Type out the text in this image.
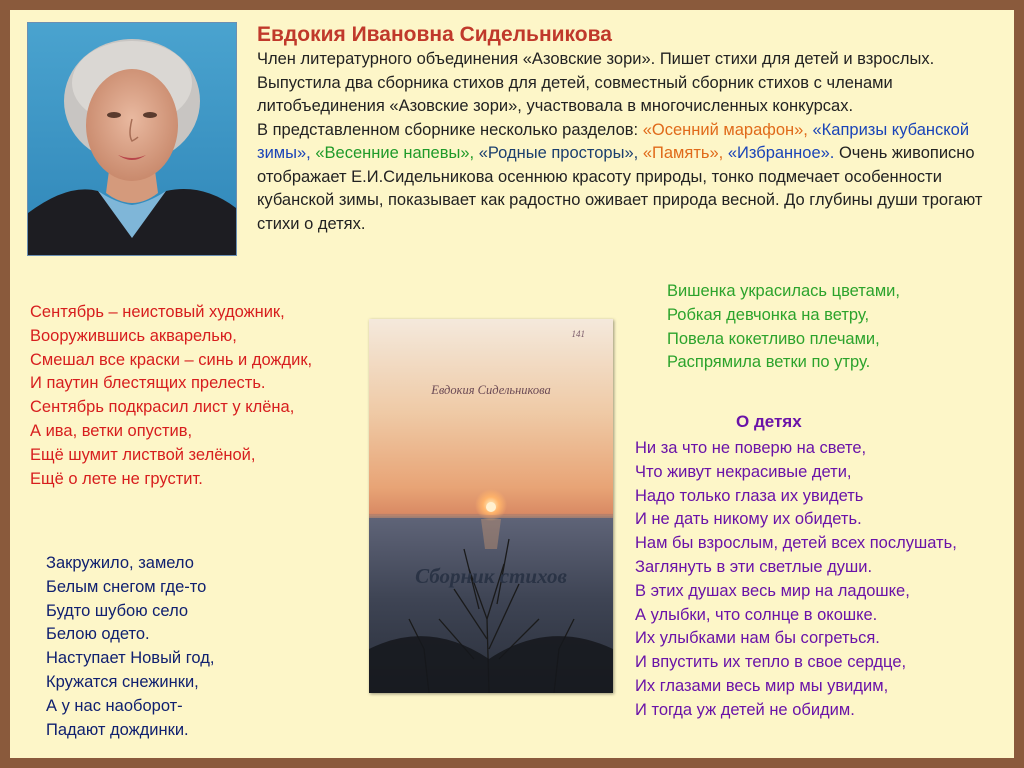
Евдокия Ивановна Сидельникова

Член литературного объединения «Азовские зори». Пишет стихи для детей и взрослых. Выпустила два сборника стихов для детей, совместный сборник стихов с членами литобъединения «Азовские зори», участвовала в многочисленных конкурсах.

В представленном сборнике несколько разделов: «Осенний марафон», «Капризы кубанской зимы», «Весенние напевы», «Родные просторы», «Память», «Избранное». Очень живописно отображает Е.И.Сидельникова осеннюю красоту природы, тонко подмечает особенности кубанской зимы, показывает как радостно оживает природа весной. До глубины души трогают стихи о детях.

Сентябрь – неистовый художник,
Вооружившись акварелью,
Смешал все краски – синь и дождик,
И паутин блестящих прелесть.
Сентябрь подкрасил лист у клёна,
А ива, ветки опустив,
Ещё шумит листвой зелёной,
Ещё о лете не грустит.
Вишенка украсилась цветами,
Робкая девчонка на ветру,
Повела кокетливо плечами,
Распрямила ветки по утру.
141
Евдокия Сидельникова
Сборник стихов
О детях
Ни за что не поверю на свете,
Что живут некрасивые дети,
Надо только глаза их увидеть
И не дать никому их обидеть.
Нам бы взрослым, детей всех послушать,
Заглянуть в эти светлые души.
В этих душах весь мир на ладошке,
А улыбки, что солнце в окошке.
Их улыбками нам бы согреться.
И впустить их тепло в свое сердце,
Их глазами весь мир мы увидим,
И тогда уж детей не обидим.
Закружило, замело
Белым снегом где-то
Будто шубою село
Белою одето.
Наступает Новый год,
Кружатся снежинки,
А у нас наоборот-
Падают дождинки.
